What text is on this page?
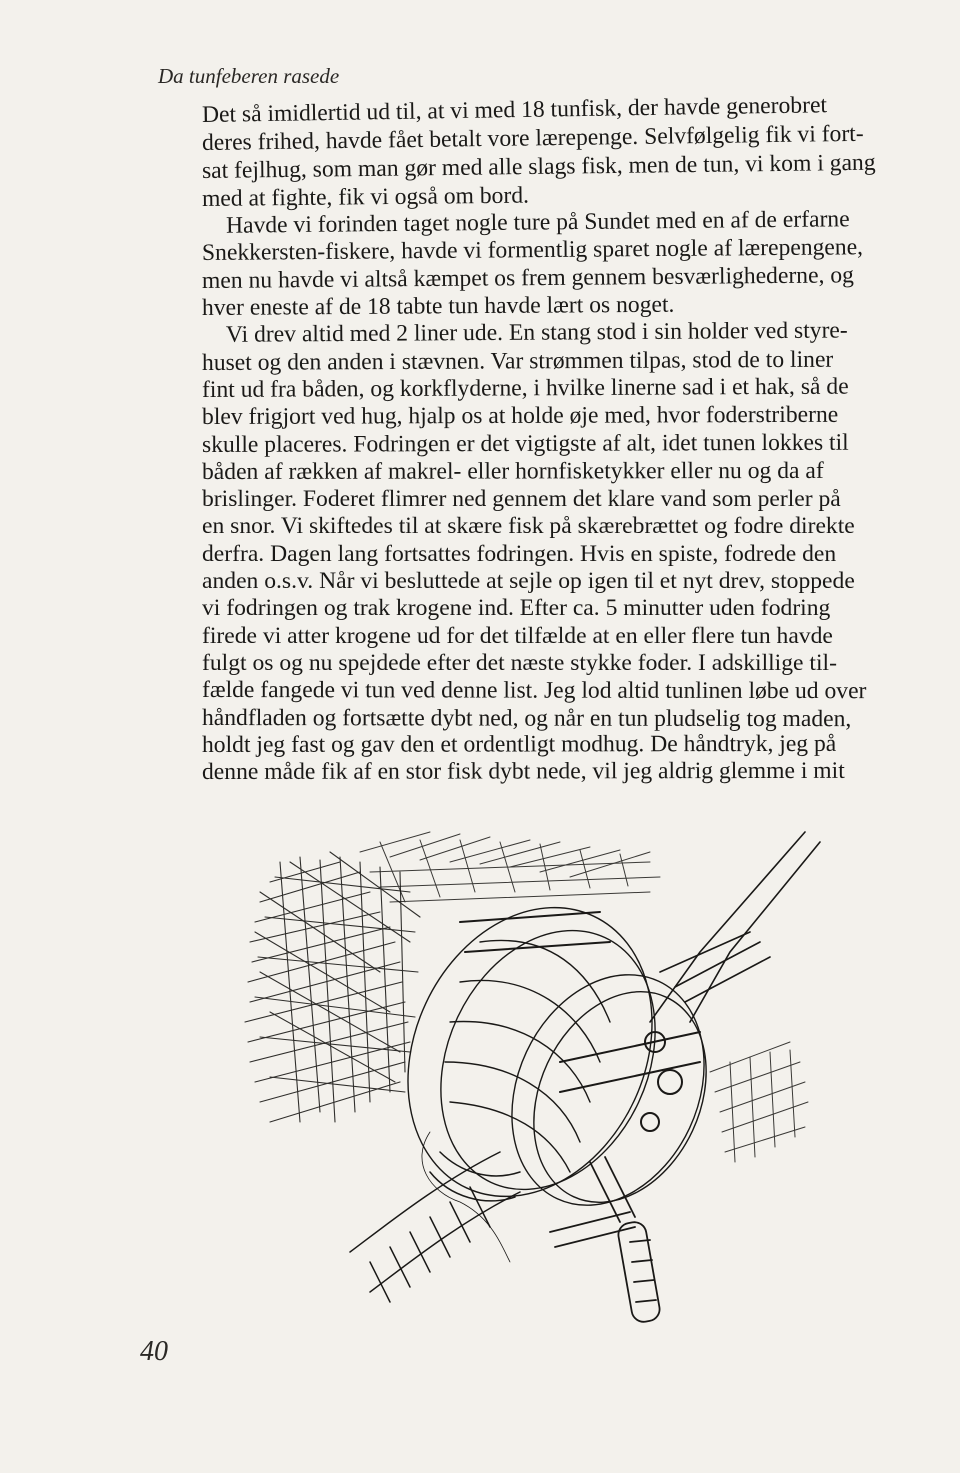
Da tunfeberen rasede
Det så imidlertid ud til, at vi med 18 tunfisk, der havde generobret
deres frihed, havde fået betalt vore lærepenge. Selvfølgelig fik vi fort-
sat fejlhug, som man gør med alle slags fisk, men de tun, vi kom i gang
med at fighte, fik vi også om bord.
Havde vi forinden taget nogle ture på Sundet med en af de erfarne
Snekkersten-fiskere, havde vi formentlig sparet nogle af lærepengene,
men nu havde vi altså kæmpet os frem gennem besværlighederne, og
hver eneste af de 18 tabte tun havde lært os noget.
Vi drev altid med 2 liner ude. En stang stod i sin holder ved styre-
huset og den anden i stævnen. Var strømmen tilpas, stod de to liner
fint ud fra båden, og korkflyderne, i hvilke linerne sad i et hak, så de
blev frigjort ved hug, hjalp os at holde øje med, hvor foderstriberne
skulle placeres. Fodringen er det vigtigste af alt, idet tunen lokkes til
båden af rækken af makrel- eller hornfisketykker eller nu og da af
brislinger. Foderet flimrer ned gennem det klare vand som perler på
en snor. Vi skiftedes til at skære fisk på skærebrættet og fodre direkte
derfra. Dagen lang fortsattes fodringen. Hvis en spiste, fodrede den
anden o.s.v. Når vi besluttede at sejle op igen til et nyt drev, stoppede
vi fodringen og trak krogene ind. Efter ca. 5 minutter uden fodring
firede vi atter krogene ud for det tilfælde at en eller flere tun havde
fulgt os og nu spejdede efter det næste stykke foder. I adskillige til-
fælde fangede vi tun ved denne list. Jeg lod altid tunlinen løbe ud over
håndfladen og fortsætte dybt ned, og når en tun pludselig tog maden,
holdt jeg fast og gav den et ordentligt modhug. De håndtryk, jeg på
denne måde fik af en stor fisk dybt nede, vil jeg aldrig glemme i mit
40
